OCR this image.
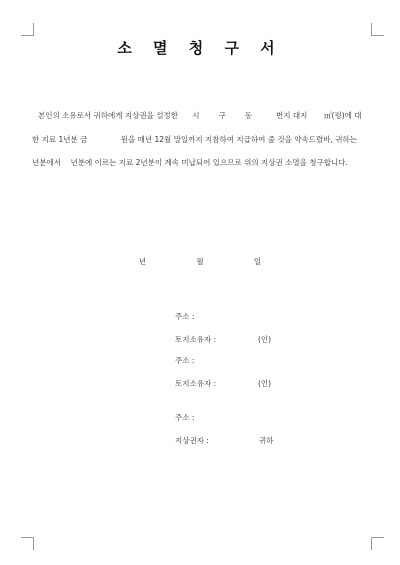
소 멸 청 구 서
본인의 소유로서 귀하에게 지상권을 설정한      시        구        동          번지 대지       ㎡(평)에 대
한 지료 1년분 금              원을 매년 12월 말일까지 지참하여 지급하여 줄 것을 약속드렸바, 귀하는
년분에서    년분에 이르는 지료 2년분이 계속 미납되어 있으므로 위의 지상권 소멸을 청구합니다.
년      월      일
주소 :
토지소유자 :	(인)
주소 :
토지소유자 :	(인)
주소 :
지상권자 :	귀하
